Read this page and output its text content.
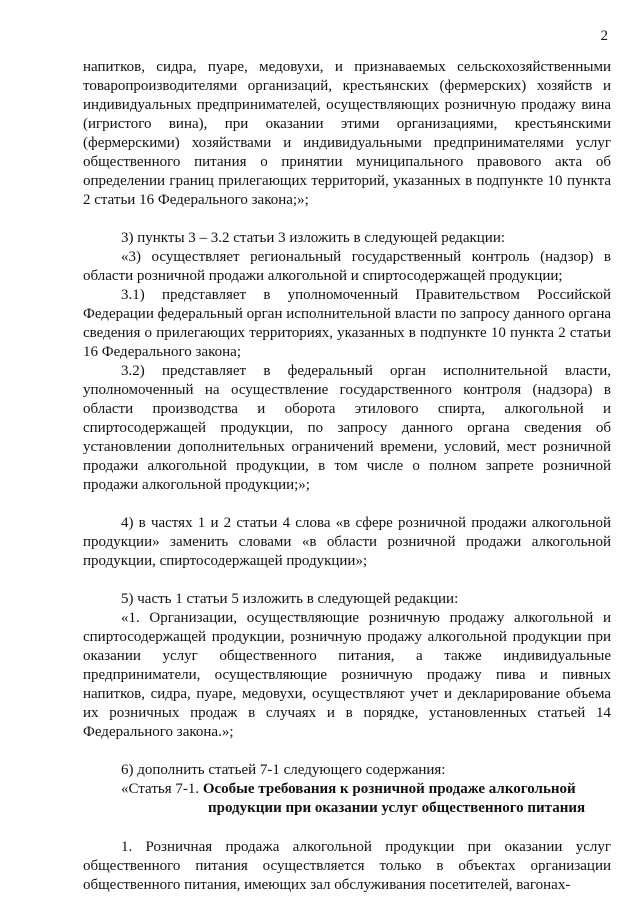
2

напитков, сидра, пуаре, медовухи, и признаваемых сельскохозяйственными товаропроизводителями организаций, крестьянских (фермерских) хозяйств и индивидуальных предпринимателей, осуществляющих розничную продажу вина (игристого вина), при оказании этими организациями, крестьянскими (фермерскими) хозяйствами и индивидуальными предпринимателями услуг общественного питания о принятии муниципального правового акта об определении границ прилегающих территорий, указанных в подпункте 10 пункта 2 статьи 16 Федерального закона;»;

3) пункты 3 – 3.2 статьи 3 изложить в следующей редакции:

«3) осуществляет региональный государственный контроль (надзор) в области розничной продажи алкогольной и спиртосодержащей продукции;

3.1) представляет в уполномоченный Правительством Российской Федерации федеральный орган исполнительной власти по запросу данного органа сведения о прилегающих территориях, указанных в подпункте 10 пункта 2 статьи 16 Федерального закона;

3.2) представляет в федеральный орган исполнительной власти, уполномоченный на осуществление государственного контроля (надзора) в области производства и оборота этилового спирта, алкогольной и спиртосодержащей продукции, по запросу данного органа сведения об установлении дополнительных ограничений времени, условий, мест розничной продажи алкогольной продукции, в том числе о полном запрете розничной продажи алкогольной продукции;»;

4) в частях 1 и 2 статьи 4 слова «в сфере розничной продажи алкогольной продукции» заменить словами «в области розничной продажи алкогольной продукции, спиртосодержащей продукции»;

5) часть 1 статьи 5 изложить в следующей редакции:

«1. Организации, осуществляющие розничную продажу алкогольной и спиртосодержащей продукции, розничную продажу алкогольной продукции при оказании услуг общественного питания, а также индивидуальные предприниматели, осуществляющие розничную продажу пива и пивных напитков, сидра, пуаре, медовухи, осуществляют учет и декларирование объема их розничных продаж в случаях и в порядке, установленных статьей 14 Федерального закона.»;

6) дополнить статьей 7-1 следующего содержания:

«Статья 7-1. Особые требования к розничной продаже алкогольной

продукции при оказании услуг общественного питания

1. Розничная продажа алкогольной продукции при оказании услуг общественного питания осуществляется только в объектах организации общественного питания, имеющих зал обслуживания посетителей, вагонах-
